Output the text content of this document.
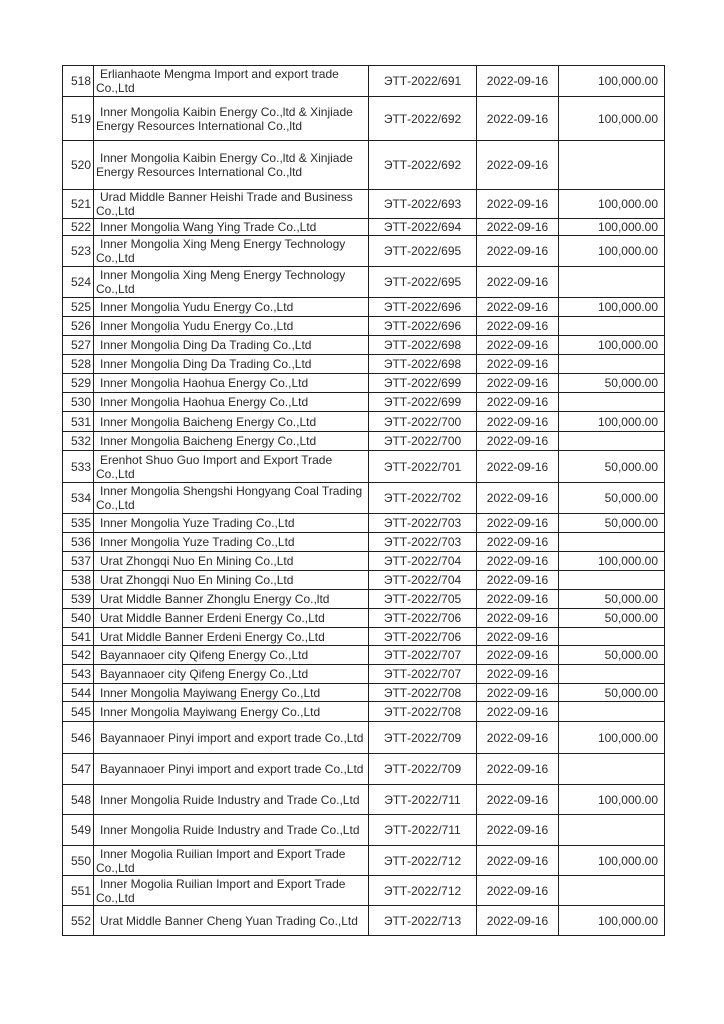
518	Erlianhaote Mengma Import and export trade Co.,Ltd	ЭТТ-2022/691	2022-09-16	100,000.00
519	Inner Mongolia Kaibin Energy Co.,ltd & Xinjiade Energy Resources International Co.,ltd	ЭТТ-2022/692	2022-09-16	100,000.00
520	Inner Mongolia Kaibin Energy Co.,ltd & Xinjiade Energy Resources International Co.,ltd	ЭТТ-2022/692	2022-09-16	
521	Urad Middle Banner Heishi Trade and Business Co.,Ltd	ЭТТ-2022/693	2022-09-16	100,000.00
522	Inner Mongolia Wang Ying Trade Co.,Ltd	ЭТТ-2022/694	2022-09-16	100,000.00
523	Inner Mongolia Xing Meng Energy Technology Co.,Ltd	ЭТТ-2022/695	2022-09-16	100,000.00
524	Inner Mongolia Xing Meng Energy Technology Co.,Ltd	ЭТТ-2022/695	2022-09-16	
525	Inner Mongolia Yudu Energy Co.,Ltd	ЭТТ-2022/696	2022-09-16	100,000.00
526	Inner Mongolia Yudu Energy Co.,Ltd	ЭТТ-2022/696	2022-09-16	
527	Inner Mongolia Ding Da Trading Co.,Ltd	ЭТТ-2022/698	2022-09-16	100,000.00
528	Inner Mongolia Ding Da Trading Co.,Ltd	ЭТТ-2022/698	2022-09-16	
529	Inner Mongolia Haohua Energy Co.,Ltd	ЭТТ-2022/699	2022-09-16	50,000.00
530	Inner Mongolia Haohua Energy Co.,Ltd	ЭТТ-2022/699	2022-09-16	
531	Inner Mongolia Baicheng Energy Co.,Ltd	ЭТТ-2022/700	2022-09-16	100,000.00
532	Inner Mongolia Baicheng Energy Co.,Ltd	ЭТТ-2022/700	2022-09-16	
533	Erenhot Shuo Guo Import and Export Trade Co.,Ltd	ЭТТ-2022/701	2022-09-16	50,000.00
534	Inner Mongolia Shengshi Hongyang Coal Trading Co.,Ltd	ЭТТ-2022/702	2022-09-16	50,000.00
535	Inner Mongolia Yuze Trading Co.,Ltd	ЭТТ-2022/703	2022-09-16	50,000.00
536	Inner Mongolia Yuze Trading Co.,Ltd	ЭТТ-2022/703	2022-09-16	
537	Urat Zhongqi Nuo En Mining Co.,Ltd	ЭТТ-2022/704	2022-09-16	100,000.00
538	Urat Zhongqi Nuo En Mining Co.,Ltd	ЭТТ-2022/704	2022-09-16	
539	Urat Middle Banner Zhonglu Energy Co.,ltd	ЭТТ-2022/705	2022-09-16	50,000.00
540	Urat Middle Banner Erdeni Energy Co.,Ltd	ЭТТ-2022/706	2022-09-16	50,000.00
541	Urat Middle Banner Erdeni Energy Co.,Ltd	ЭТТ-2022/706	2022-09-16	
542	Bayannaoer city Qifeng Energy Co.,Ltd	ЭТТ-2022/707	2022-09-16	50,000.00
543	Bayannaoer city Qifeng Energy Co.,Ltd	ЭТТ-2022/707	2022-09-16	
544	Inner Mongolia Mayiwang Energy Co.,Ltd	ЭТТ-2022/708	2022-09-16	50,000.00
545	Inner Mongolia Mayiwang Energy Co.,Ltd	ЭТТ-2022/708	2022-09-16	
546	Bayannaoer Pinyi import and export trade Co.,Ltd	ЭТТ-2022/709	2022-09-16	100,000.00
547	Bayannaoer Pinyi import and export trade Co.,Ltd	ЭТТ-2022/709	2022-09-16	
548	Inner Mongolia Ruide Industry and Trade Co.,Ltd	ЭТТ-2022/711	2022-09-16	100,000.00
549	Inner Mongolia Ruide Industry and Trade Co.,Ltd	ЭТТ-2022/711	2022-09-16	
550	Inner Mogolia Ruilian Import and Export Trade Co.,Ltd	ЭТТ-2022/712	2022-09-16	100,000.00
551	Inner Mogolia Ruilian Import and Export Trade Co.,Ltd	ЭТТ-2022/712	2022-09-16	
552	Urat Middle Banner Cheng Yuan Trading Co.,Ltd	ЭТТ-2022/713	2022-09-16	100,000.00
